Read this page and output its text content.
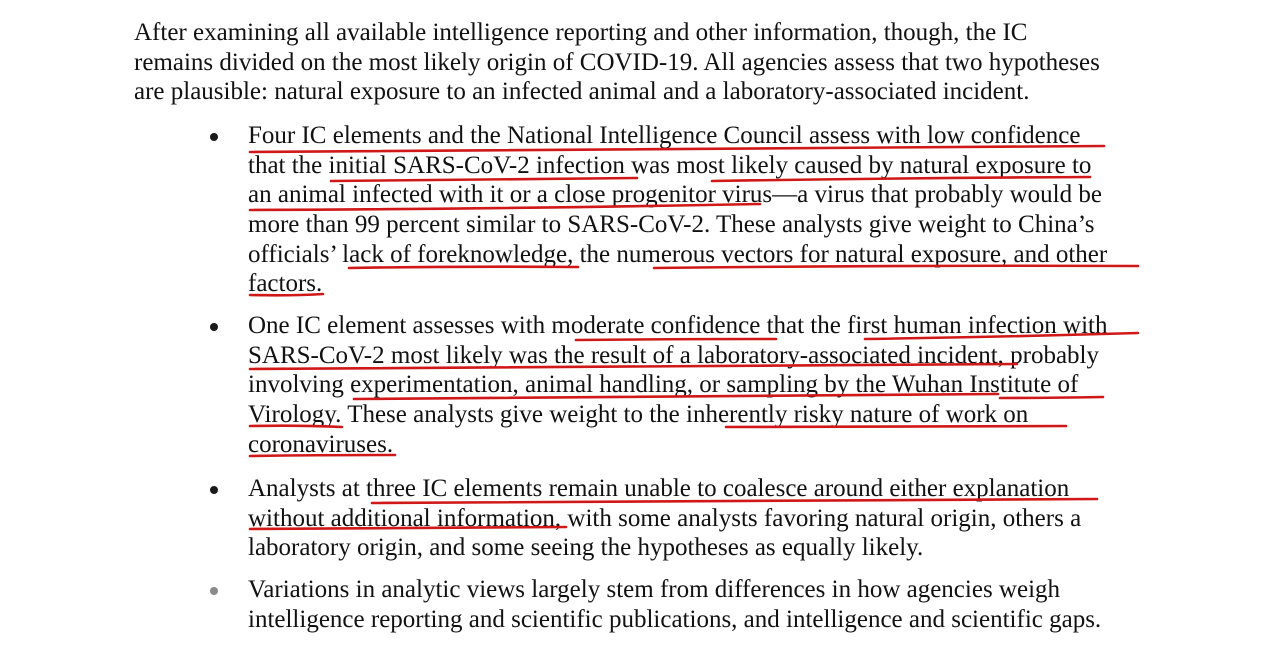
After examining all available intelligence reporting and other information, though, the IC
remains divided on the most likely origin of COVID-19. All agencies assess that two hypotheses
are plausible: natural exposure to an infected animal and a laboratory-associated incident.

Four IC elements and the National Intelligence Council assess with low confidence
that the initial SARS-CoV-2 infection was most likely caused by natural exposure to
an animal infected with it or a close progenitor virus—a virus that probably would be
more than 99 percent similar to SARS-CoV-2. These analysts give weight to China’s
officials’ lack of foreknowledge, the numerous vectors for natural exposure, and other
factors.
One IC element assesses with moderate confidence that the first human infection with
SARS-CoV-2 most likely was the result of a laboratory-associated incident, probably
involving experimentation, animal handling, or sampling by the Wuhan Institute of
Virology. These analysts give weight to the inherently risky nature of work on
coronaviruses.
Analysts at three IC elements remain unable to coalesce around either explanation
without additional information, with some analysts favoring natural origin, others a
laboratory origin, and some seeing the hypotheses as equally likely.
Variations in analytic views largely stem from differences in how agencies weigh
intelligence reporting and scientific publications, and intelligence and scientific gaps.
